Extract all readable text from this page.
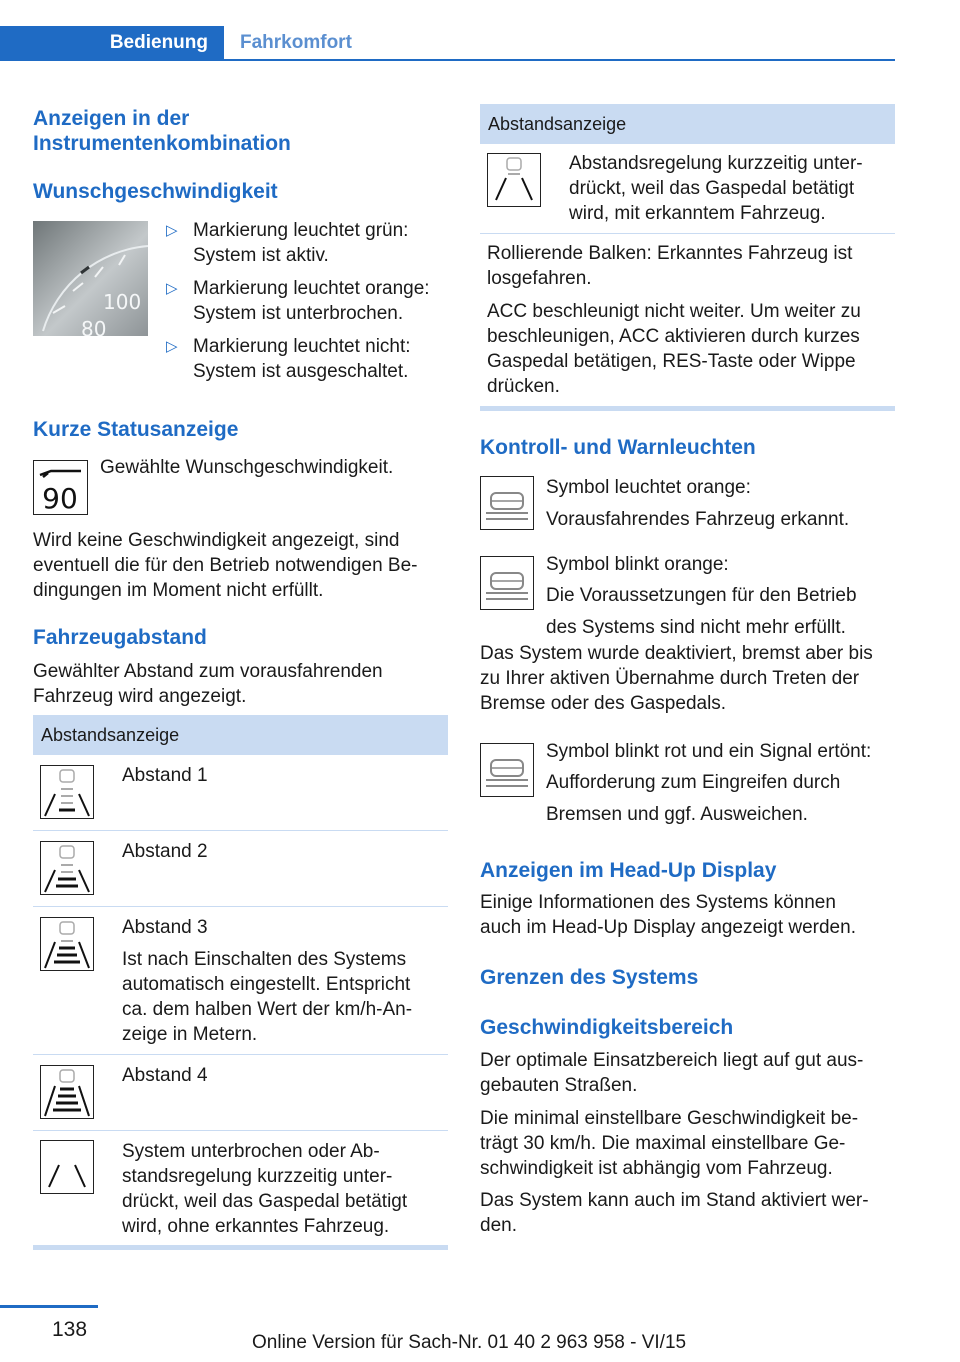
Bedienung	Fahrkomfort
Anzeigen in der
Instrumentenkombination
Wunschgeschwindigkeit
100
80
▷ Markierung leuchtet grün:
System ist aktiv.
▷ Markierung leuchtet orange:
System ist unterbrochen.
▷ Markierung leuchtet nicht:
System ist ausgeschaltet.
Kurze Statusanzeige
90

Gewählte Wunschgeschwindigkeit.

Wird keine Geschwindigkeit angezeigt, sind
eventuell die für den Betrieb notwendigen Be‐
dingungen im Moment nicht erfüllt.

Fahrzeugabstand

Gewählter Abstand zum vorausfahrenden
Fahrzeug wird angezeigt.

Abstandsanzeige

Abstand 1

Abstand 2

Abstand 3

Ist nach Einschalten des Systems
automatisch eingestellt. Entspricht
ca. dem halben Wert der km/h-An‐
zeige in Metern.

Abstand 4

System unterbrochen oder Ab‐
standsregelung kurzzeitig unter‐
drückt, weil das Gaspedal betätigt
wird, ohne erkanntes Fahrzeug.

Abstandsanzeige

Abstandsregelung kurzzeitig unter‐
drückt, weil das Gaspedal betätigt
wird, mit erkanntem Fahrzeug.

Rollierende Balken: Erkanntes Fahrzeug ist
losgefahren.

ACC beschleunigt nicht weiter. Um weiter zu
beschleunigen, ACC aktivieren durch kurzes
Gaspedal betätigen, RES-Taste oder Wippe
drücken.

Kontroll- und Warnleuchten

Symbol leuchtet orange:
Vorausfahrendes Fahrzeug erkannt.

Symbol blinkt orange:
Die Voraussetzungen für den Betrieb
des Systems sind nicht mehr erfüllt.

Das System wurde deaktiviert, bremst aber bis
zu Ihrer aktiven Übernahme durch Treten der
Bremse oder des Gaspedals.

Symbol blinkt rot und ein Signal ertönt:
Aufforderung zum Eingreifen durch
Bremsen und ggf. Ausweichen.

Anzeigen im Head-Up Display

Einige Informationen des Systems können
auch im Head-Up Display angezeigt werden.

Grenzen des Systems
Geschwindigkeitsbereich

Der optimale Einsatzbereich liegt auf gut aus‐
gebauten Straßen.

Die minimal einstellbare Geschwindigkeit be‐
trägt 30 km/h. Die maximal einstellbare Ge‐
schwindigkeit ist abhängig vom Fahrzeug.

Das System kann auch im Stand aktiviert wer‐
den.

138
Online Version für Sach-Nr. 01 40 2 963 958 - VI/15
